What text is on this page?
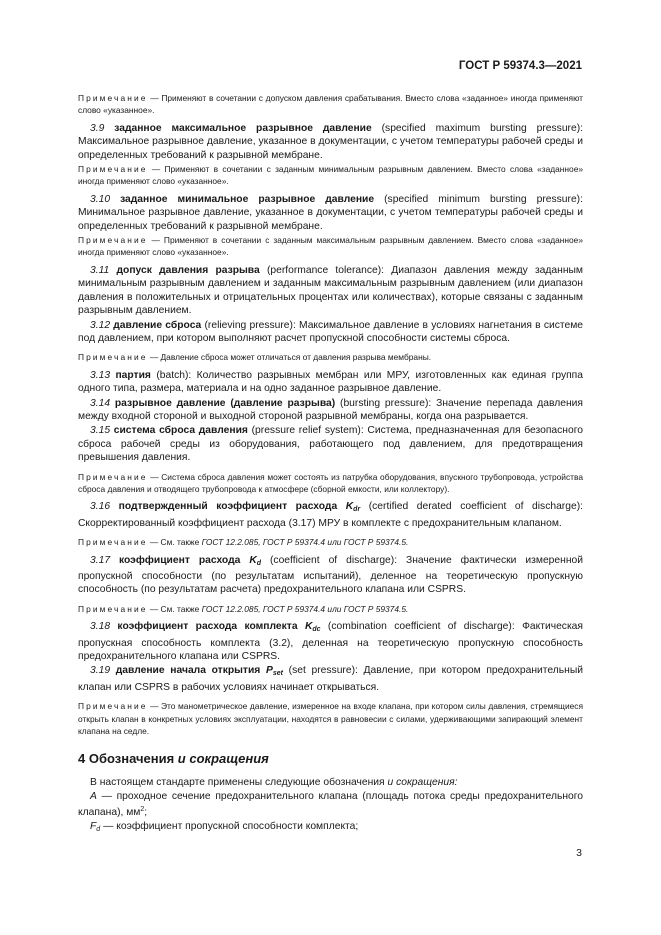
ГОСТ Р 59374.3—2021

Примечание — Применяют в сочетании с допуском давления срабатывания. Вместо слова «заданное» иногда применяют слово «указанное».

3.9 заданное максимальное разрывное давление (specified maximum bursting pressure): Максимальное разрывное давление, указанное в документации, с учетом температуры рабочей среды и определенных требований к разрывной мембране.

Примечание — Применяют в сочетании с заданным минимальным разрывным давлением. Вместо слова «заданное» иногда применяют слово «указанное».

3.10 заданное минимальное разрывное давление (specified minimum bursting pressure): Минимальное разрывное давление, указанное в документации, с учетом температуры рабочей среды и определенных требований к разрывной мембране.

Примечание — Применяют в сочетании с заданным максимальным разрывным давлением. Вместо слова «заданное» иногда применяют слово «указанное».

3.11 допуск давления разрыва (performance tolerance): Диапазон давления между заданным минимальным разрывным давлением и заданным максимальным разрывным давлением (или диапазон давления в положительных и отрицательных процентах или количествах), которые связаны с заданным разрывным давлением.

3.12 давление сброса (relieving pressure): Максимальное давление в условиях нагнетания в системе под давлением, при котором выполняют расчет пропускной способности системы сброса.

Примечание — Давление сброса может отличаться от давления разрыва мембраны.

3.13 партия (batch): Количество разрывных мембран или МРУ, изготовленных как единая группа одного типа, размера, материала и на одно заданное разрывное давление.

3.14 разрывное давление (давление разрыва) (bursting pressure): Значение перепада давления между входной стороной и выходной стороной разрывной мембраны, когда она разрывается.

3.15 система сброса давления (pressure relief system): Система, предназначенная для безопасного сброса рабочей среды из оборудования, работающего под давлением, для предотвращения превышения давления.

Примечание — Система сброса давления может состоять из патрубка оборудования, впускного трубопровода, устройства сброса давления и отводящего трубопровода к атмосфере (сборной емкости, или коллектору).

3.16 подтвержденный коэффициент расхода $K_{dr}$ (certified derated coefficient of discharge): Скорректированный коэффициент расхода (3.17) МРУ в комплекте с предохранительным клапаном.

Примечание — См. также ГОСТ 12.2.085, ГОСТ Р 59374.4 или ГОСТ Р 59374.5.

3.17 коэффициент расхода $K_d$ (coefficient of discharge): Значение фактически измеренной пропускной способности (по результатам испытаний), деленное на теоретическую пропускную способность (по результатам расчета) предохранительного клапана или CSPRS.

Примечание — См. также ГОСТ 12.2.085, ГОСТ Р 59374.4 или ГОСТ Р 59374.5.

3.18 коэффициент расхода комплекта $K_{dc}$ (combination coefficient of discharge): Фактическая пропускная способность комплекта (3.2), деленная на теоретическую пропускную способность предохранительного клапана или CSPRS.

3.19 давление начала открытия $P_{set}$ (set pressure): Давление, при котором предохранительный клапан или CSPRS в рабочих условиях начинает открываться.

Примечание — Это манометрическое давление, измеренное на входе клапана, при котором силы давления, стремящиеся открыть клапан в конкретных условиях эксплуатации, находятся в равновесии с силами, удерживающими запирающий элемент клапана на седле.

4 Обозначения и сокращения

В настоящем стандарте применены следующие обозначения и сокращения:

A — проходное сечение предохранительного клапана (площадь потока среды предохранительного клапана), $мм^2$;

Fd — коэффициент пропускной способности комплекта;

3
